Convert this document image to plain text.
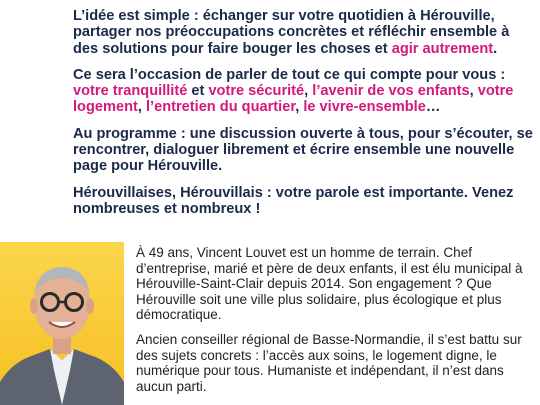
L’idée est simple : échanger sur votre quotidien à Hérouville, partager nos préoccupations concrètes et réfléchir ensemble à des solutions pour faire bouger les choses et agir autrement.

Ce sera l’occasion de parler de tout ce qui compte pour vous : votre tranquillité et votre sécurité, l’avenir de vos enfants, votre logement, l’entretien du quartier, le vivre-ensemble…

Au programme : une discussion ouverte à tous, pour s’écouter, se rencontrer, dialoguer librement et écrire ensemble une nouvelle page pour Hérouville.

Hérouvillaises, Hérouvillais : votre parole est importante. Venez nombreuses et nombreux !

À 49 ans, Vincent Louvet est un homme de terrain. Chef d’entreprise, marié et père de deux enfants, il est élu municipal à Hérouville-Saint-Clair depuis 2014. Son engagement ? Que Hérouville soit une ville plus solidaire, plus écologique et plus démocratique.

Ancien conseiller régional de Basse-Normandie, il s’est battu sur des sujets concrets : l’accès aux soins, le logement digne, le numérique pour tous. Humaniste et indépendant, il n’est dans aucun parti.
